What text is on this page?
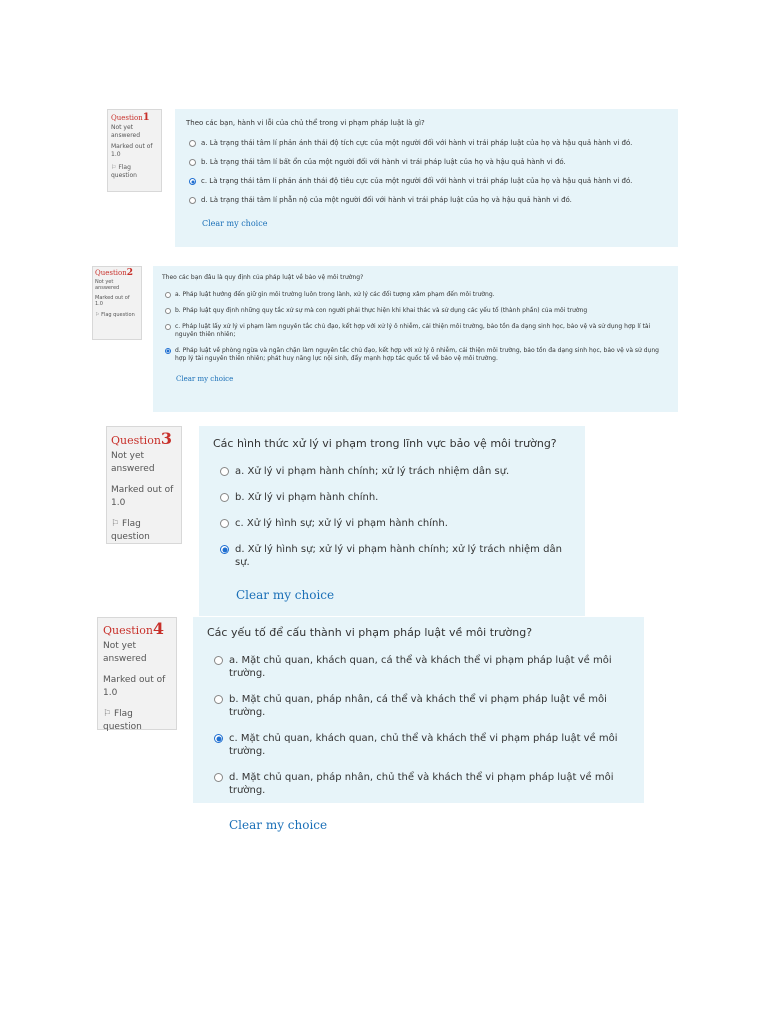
Question1
Not yet answered
Marked out of 1.0
⚐ Flag question
Theo các bạn, hành vi lỗi của chủ thể trong vi phạm pháp luật là gì?
a. Là trạng thái tâm lí phản ánh thái độ tích cực của một người đối với hành vi trái pháp luật của họ và hậu quả hành vi đó.
b. Là trạng thái tâm lí bất ổn của một người đối với hành vi trái pháp luật của họ và hậu quả hành vi đó.
c. Là trạng thái tâm lí phản ánh thái độ tiêu cực của một người đối với hành vi trái pháp luật của họ và hậu quả hành vi đó.
d. Là trạng thái tâm lí phẫn nộ của một người đối với hành vi trái pháp luật của họ và hậu quả hành vi đó.
Clear my choice
Question2
Not yet answered
Marked out of 1.0
⚐ Flag question
Theo các bạn đâu là quy định của pháp luật về bảo vệ môi trường?
a. Pháp luật hướng đến giữ gìn môi trường luôn trong lành, xử lý các đối tượng xâm phạm đến môi trường.
b. Pháp luật quy định những quy tắc xử sự mà con người phải thực hiện khi khai thác và sử dụng các yếu tố (thành phần) của môi trường
c. Pháp luật lấy xử lý vi phạm làm nguyên tắc chủ đạo, kết hợp với xử lý ô nhiễm, cải thiện môi trường, bảo tồn đa dạng sinh học, bảo vệ và sử dụng hợp lí tài nguyên thiên nhiên;
d. Pháp luật về phòng ngừa và ngăn chặn làm nguyên tắc chủ đạo, kết hợp với xử lý ô nhiễm, cải thiện môi trường, bảo tồn đa dạng sinh học, bảo vệ và sử dụng hợp lý tài nguyên thiên nhiên; phát huy năng lực nội sinh, đẩy mạnh hợp tác quốc tế về bảo vệ môi trường.
Clear my choice
Question3
Not yet answered
Marked out of 1.0
⚐ Flag question
Các hình thức xử lý vi phạm trong lĩnh vực bảo vệ môi trường?
a. Xử lý vi phạm hành chính; xử lý trách nhiệm dân sự.
b. Xử lý vi phạm hành chính.
c. Xử lý hình sự; xử lý vi phạm hành chính.
d. Xử lý hình sự; xử lý vi phạm hành chính; xử lý trách nhiệm dân sự.
Clear my choice
Question4
Not yet answered
Marked out of 1.0
⚐ Flag question
Các yếu tố để cấu thành vi phạm pháp luật về môi trường?
a. Mặt chủ quan, khách quan, cá thể và khách thể vi phạm pháp luật về môi trường.
b. Mặt chủ quan, pháp nhân, cá thể và khách thể vi phạm pháp luật về môi trường.
c. Mặt chủ quan, khách quan, chủ thể và khách thể vi phạm pháp luật về môi trường.
d. Mặt chủ quan, pháp nhân, chủ thể và khách thể vi phạm pháp luật về môi trường.
Clear my choice
